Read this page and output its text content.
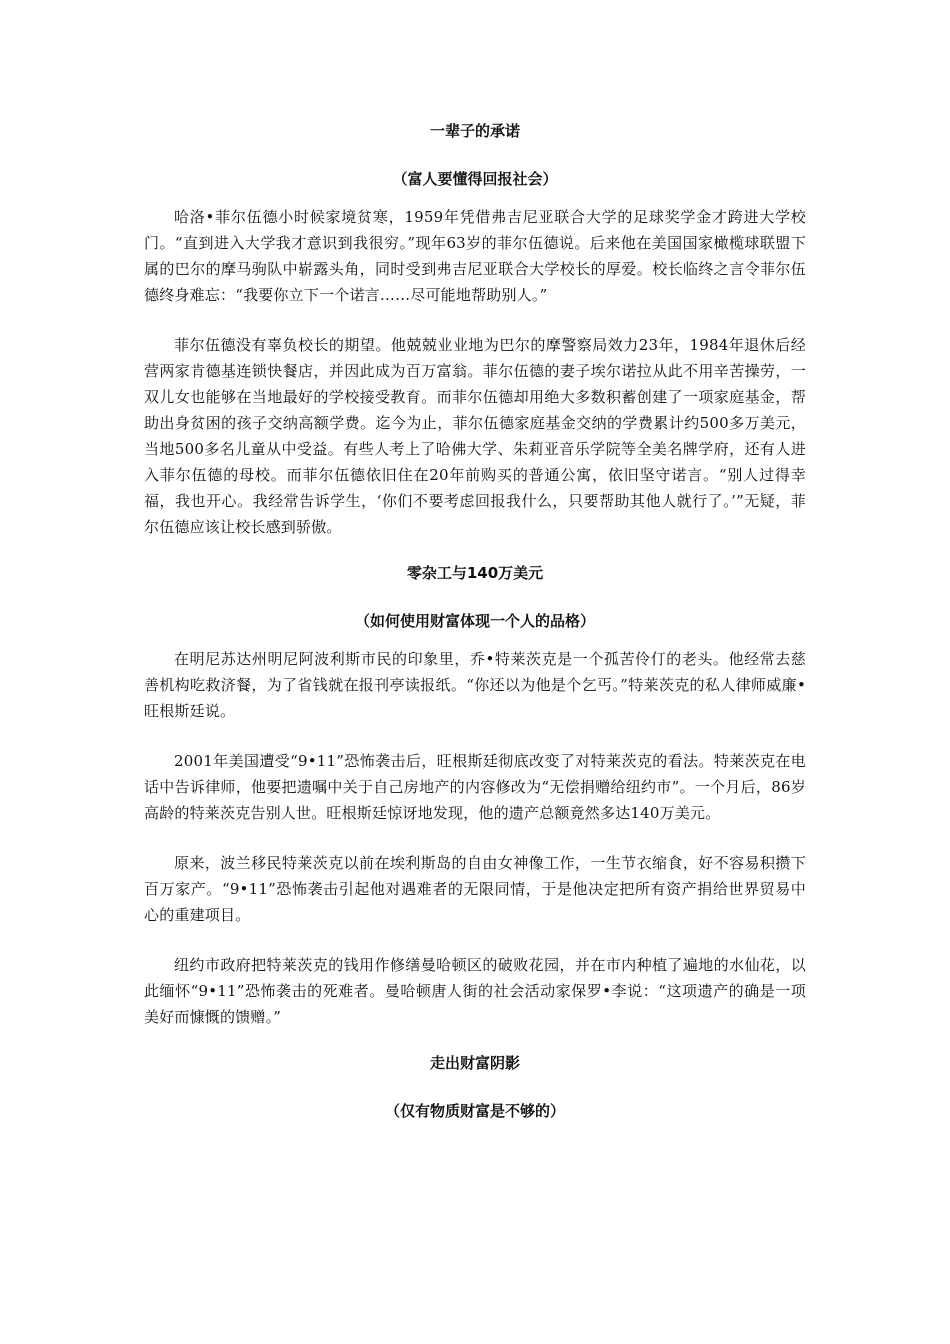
一辈子的承诺
（富人要懂得回报社会）

哈洛•菲尔伍德小时候家境贫寒，1959年凭借弗吉尼亚联合大学的足球奖学金才跨进大学校门。“直到进入大学我才意识到我很穷。”现年63岁的菲尔伍德说。后来他在美国国家橄榄球联盟下属的巴尔的摩马驹队中崭露头角，同时受到弗吉尼亚联合大学校长的厚爱。校长临终之言令菲尔伍德终身难忘：“我要你立下一个诺言……尽可能地帮助别人。”

菲尔伍德没有辜负校长的期望。他兢兢业业地为巴尔的摩警察局效力23年，1984年退休后经营两家肯德基连锁快餐店，并因此成为百万富翁。菲尔伍德的妻子埃尔诺拉从此不用辛苦操劳，一双儿女也能够在当地最好的学校接受教育。而菲尔伍德却用绝大多数积蓄创建了一项家庭基金，帮助出身贫困的孩子交纳高额学费。迄今为止，菲尔伍德家庭基金交纳的学费累计约500多万美元，当地500多名儿童从中受益。有些人考上了哈佛大学、朱莉亚音乐学院等全美名牌学府，还有人进入菲尔伍德的母校。而菲尔伍德依旧住在20年前购买的普通公寓，依旧坚守诺言。“别人过得幸福，我也开心。我经常告诉学生，‘你们不要考虑回报我什么，只要帮助其他人就行了。’”无疑，菲尔伍德应该让校长感到骄傲。

零杂工与140万美元
（如何使用财富体现一个人的品格）

在明尼苏达州明尼阿波利斯市民的印象里，乔•特莱茨克是一个孤苦伶仃的老头。他经常去慈善机构吃救济餐，为了省钱就在报刊亭读报纸。“你还以为他是个乞丐。”特莱茨克的私人律师威廉•旺根斯廷说。

2001年美国遭受“9•11”恐怖袭击后，旺根斯廷彻底改变了对特莱茨克的看法。特莱茨克在电话中告诉律师，他要把遗嘱中关于自己房地产的内容修改为“无偿捐赠给纽约市”。一个月后，86岁高龄的特莱茨克告别人世。旺根斯廷惊讶地发现，他的遗产总额竟然多达140万美元。

原来，波兰移民特莱茨克以前在埃利斯岛的自由女神像工作，一生节衣缩食，好不容易积攒下百万家产。“9•11”恐怖袭击引起他对遇难者的无限同情，于是他决定把所有资产捐给世界贸易中心的重建项目。

纽约市政府把特莱茨克的钱用作修缮曼哈顿区的破败花园，并在市内种植了遍地的水仙花，以此缅怀“9•11”恐怖袭击的死难者。曼哈顿唐人街的社会活动家保罗•李说：“这项遗产的确是一项美好而慷慨的馈赠。”

走出财富阴影
（仅有物质财富是不够的）
